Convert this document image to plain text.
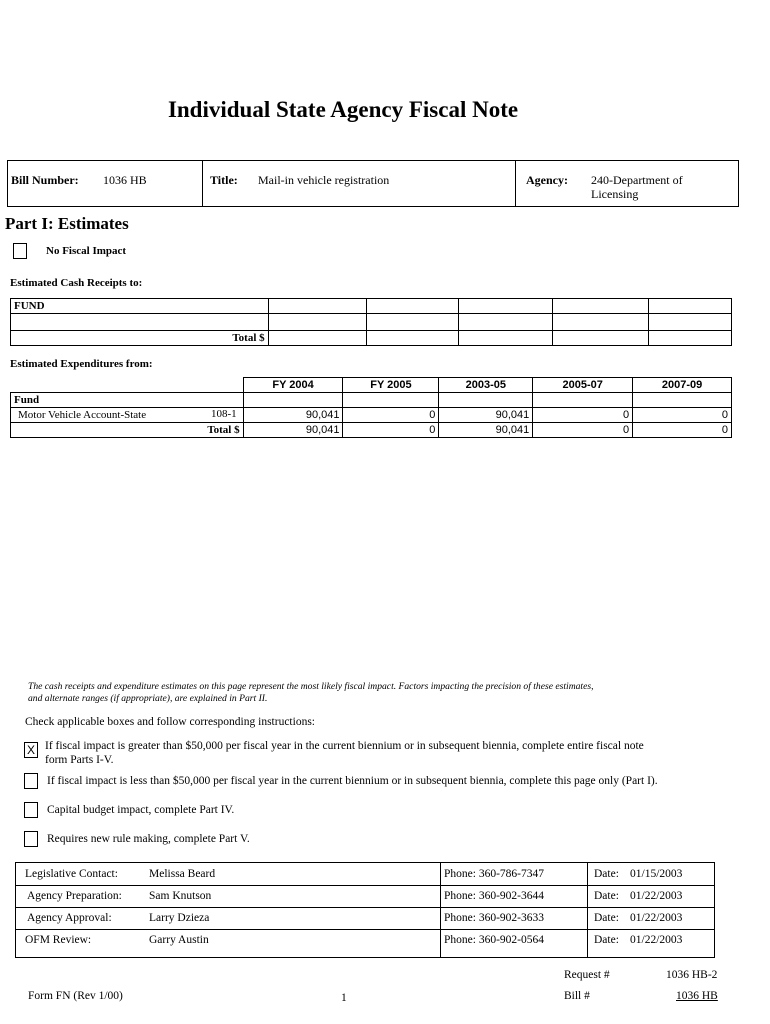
Individual State Agency Fiscal Note
Bill Number: 1036 HB	Title: Mail-in vehicle registration	Agency: 240-Department of
Licensing
Part I: Estimates
No Fiscal Impact
Estimated Cash Receipts to:
FUND					

Total $					
Estimated Expenditures from:
	FY 2004	FY 2005	2003-05	2005-07	2007-09
Fund					
Motor Vehicle Account-State 108-1	90,041	0	90,041	0	0
Total $	90,041	0	90,041	0	0
The cash receipts and expenditure estimates on this page represent the most likely fiscal impact. Factors impacting the precision of these estimates,
and alternate ranges (if appropriate), are explained in Part II.
Check applicable boxes and follow corresponding instructions:
X If fiscal impact is greater than $50,000 per fiscal year in the current biennium or in subsequent biennia, complete entire fiscal note
form Parts I-V.
If fiscal impact is less than $50,000 per fiscal year in the current biennium or in subsequent biennia, complete this page only (Part I).
Capital budget impact, complete Part IV.
Requires new rule making, complete Part V.
Legislative Contact:	Melissa Beard	Phone: 360-786-7347	Date: 01/15/2003
Agency Preparation: Sam Knutson	Phone: 360-902-3644	Date: 01/22/2003
Agency Approval:	Larry Dzieza	Phone: 360-902-3633	Date: 01/22/2003
OFM Review:	Garry Austin	Phone: 360-902-0564	Date: 01/22/2003
Request #	1036 HB-2
Form FN (Rev 1/00)	1	Bill #	1036 HB
